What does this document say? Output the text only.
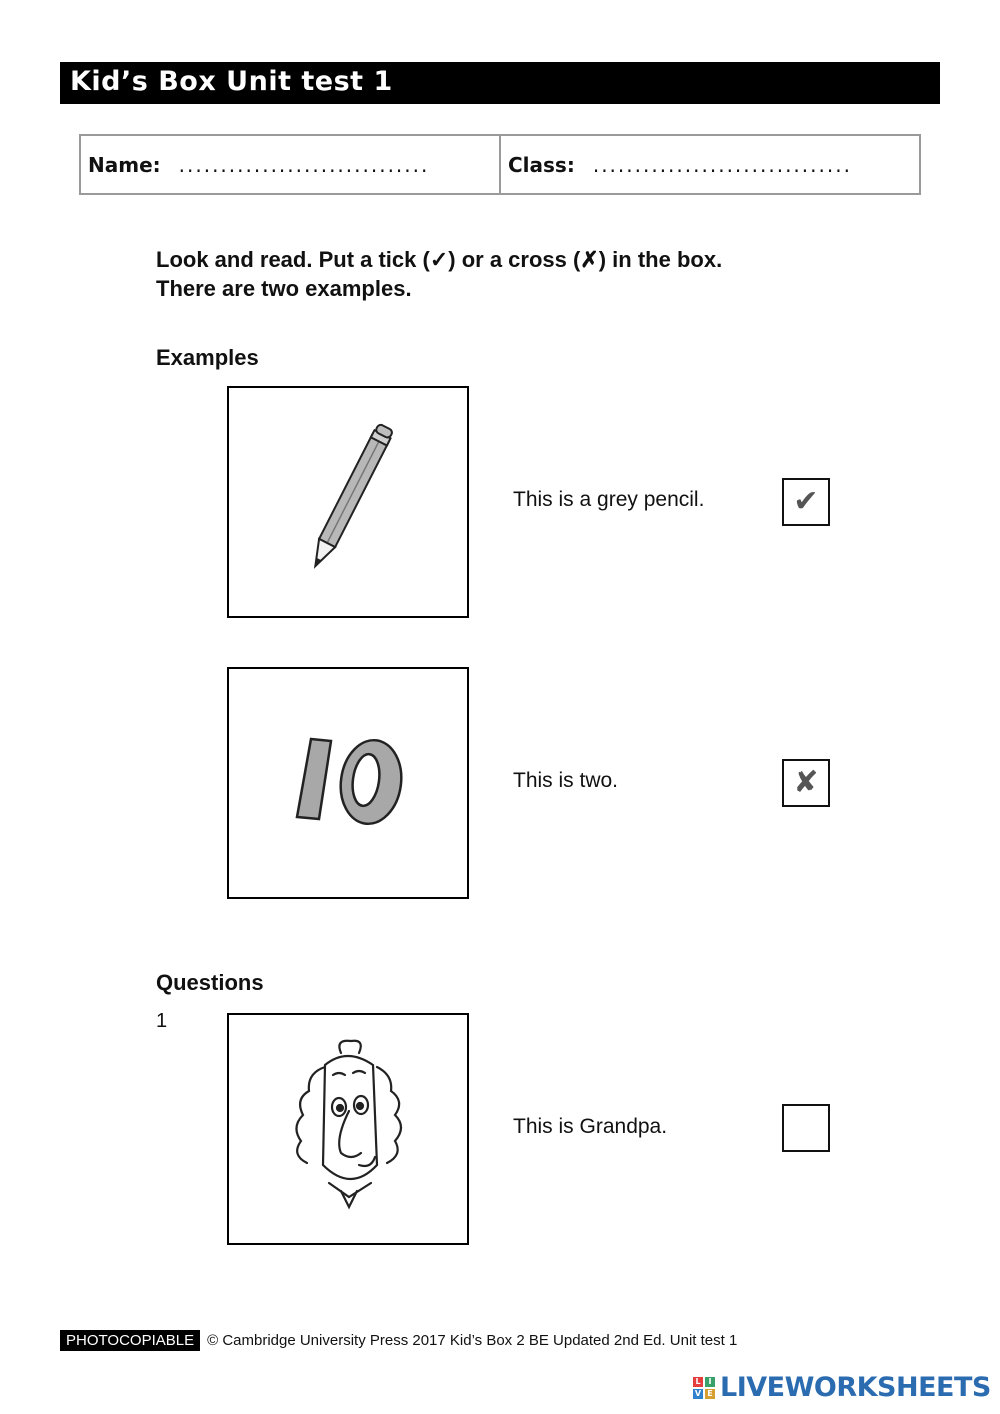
Kid’s Box Unit test 1
Name: ..............................	Class: ...............................
Look and read. Put a tick (✓) or a cross (✗) in the box.
There are two examples.
Examples
This is a grey pencil.	✔
This is two.	✘
Questions
1
This is Grandpa.
PHOTOCOPIABLE © Cambridge University Press 2017 Kid’s Box 2 BE Updated 2nd Ed. Unit test 1
L I
V E LIVEWORKSHEETS
